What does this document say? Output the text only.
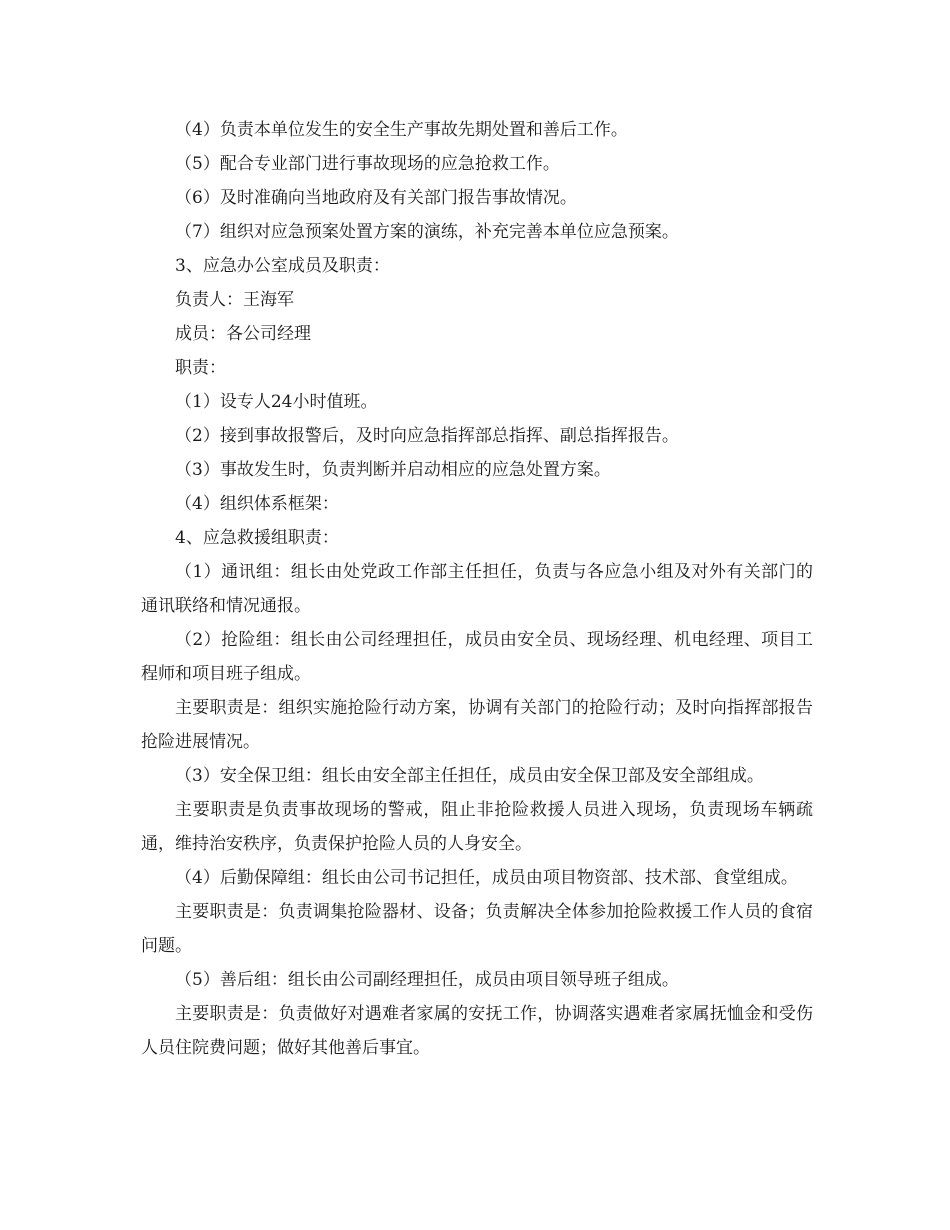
（4）负责本单位发生的安全生产事故先期处置和善后工作。

（5）配合专业部门进行事故现场的应急抢救工作。

（6）及时准确向当地政府及有关部门报告事故情况。

（7）组织对应急预案处置方案的演练，补充完善本单位应急预案。

3、应急办公室成员及职责：

负责人：王海军

成员：各公司经理

职责：

（1）设专人24小时值班。

（2）接到事故报警后，及时向应急指挥部总指挥、副总指挥报告。

（3）事故发生时，负责判断并启动相应的应急处置方案。

（4）组织体系框架：

4、应急救援组职责：

（1）通讯组：组长由处党政工作部主任担任，负责与各应急小组及对外有关部门的通讯联络和情况通报。

（2）抢险组：组长由公司经理担任，成员由安全员、现场经理、机电经理、项目工程师和项目班子组成。

主要职责是：组织实施抢险行动方案，协调有关部门的抢险行动；及时向指挥部报告抢险进展情况。

（3）安全保卫组：组长由安全部主任担任，成员由安全保卫部及安全部组成。

主要职责是负责事故现场的警戒，阻止非抢险救援人员进入现场，负责现场车辆疏通，维持治安秩序，负责保护抢险人员的人身安全。

（4）后勤保障组：组长由公司书记担任，成员由项目物资部、技术部、食堂组成。

主要职责是：负责调集抢险器材、设备；负责解决全体参加抢险救援工作人员的食宿问题。

（5）善后组：组长由公司副经理担任，成员由项目领导班子组成。

主要职责是：负责做好对遇难者家属的安抚工作，协调落实遇难者家属抚恤金和受伤人员住院费问题；做好其他善后事宜。
